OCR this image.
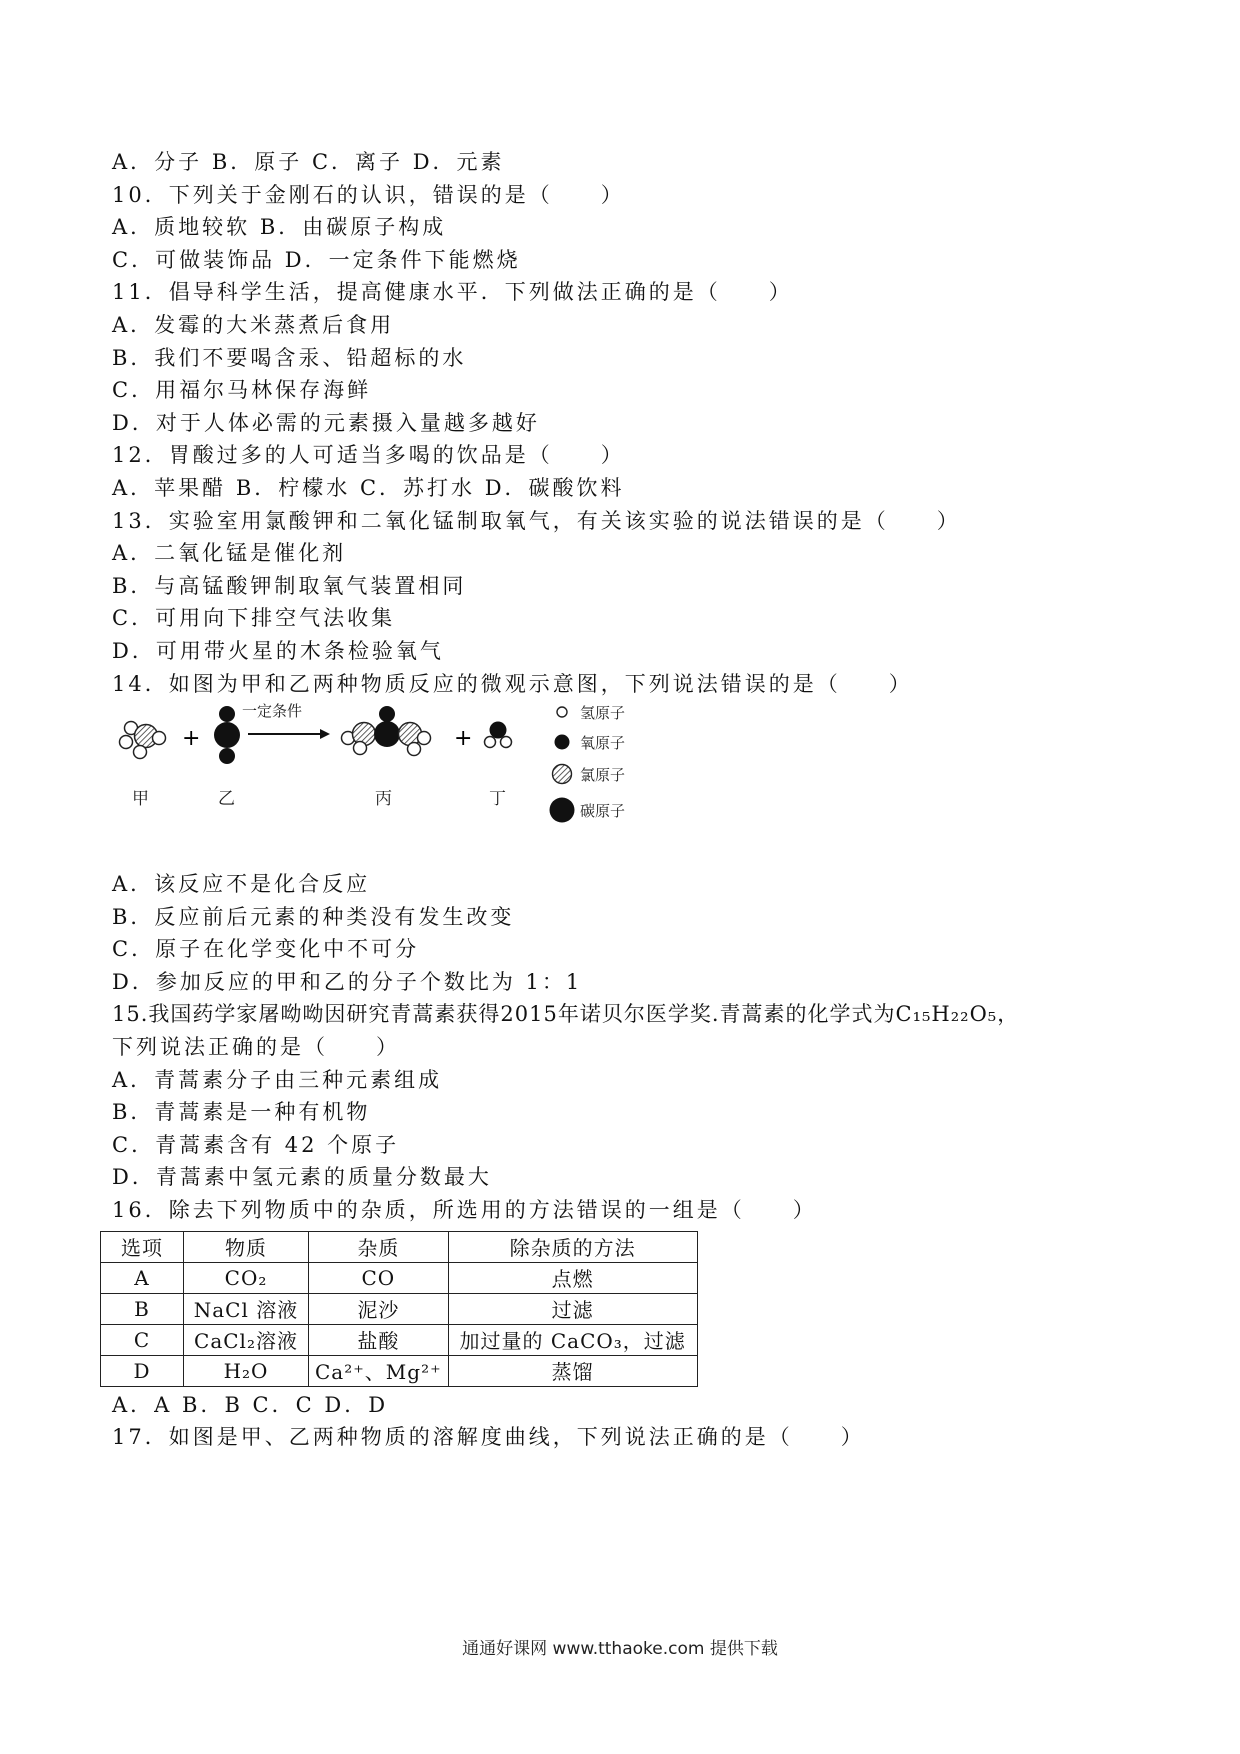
A．分子 B．原子 C．离子 D．元素
10．下列关于金刚石的认识，错误的是（　　）
A．质地较软 B．由碳原子构成
C．可做装饰品 D．一定条件下能燃烧
11．倡导科学生活，提高健康水平．下列做法正确的是（　　）
A．发霉的大米蒸煮后食用
B．我们不要喝含汞、铅超标的水
C．用福尔马林保存海鲜
D．对于人体必需的元素摄入量越多越好
12．胃酸过多的人可适当多喝的饮品是（　　）
A．苹果醋 B．柠檬水 C．苏打水 D．碳酸饮料
13．实验室用氯酸钾和二氧化锰制取氧气，有关该实验的说法错误的是（　　）
A．二氧化锰是催化剂
B．与高锰酸钾制取氧气装置相同
C．可用向下排空气法收集
D．可用带火星的木条检验氧气
14．如图为甲和乙两种物质反应的微观示意图，下列说法错误的是（　　）
+	+
一定条件
甲	乙	丙	丁
氢原子
氧原子
氯原子
碳原子
A．该反应不是化合反应
B．反应前后元素的种类没有发生改变
C．原子在化学变化中不可分
D．参加反应的甲和乙的分子个数比为 1：1
15.我国药学家屠呦呦因研究青蒿素获得2015年诺贝尔医学奖.青蒿素的化学式为C₁₅H₂₂O₅，
下列说法正确的是（　　）
A．青蒿素分子由三种元素组成
B．青蒿素是一种有机物
C．青蒿素含有 42 个原子
D．青蒿素中氢元素的质量分数最大
16．除去下列物质中的杂质，所选用的方法错误的一组是（　　）
选项	物质	杂质	除杂质的方法
A	CO₂	CO	点燃
B	NaCl 溶液	泥沙	过滤
C	CaCl₂溶液	盐酸	加过量的 CaCO₃，过滤
D	H₂O	Ca²⁺、Mg²⁺	蒸馏
A．A B．B C．C D．D
17．如图是甲、乙两种物质的溶解度曲线，下列说法正确的是（　　）
通通好课网 www.tthaoke.com 提供下载
